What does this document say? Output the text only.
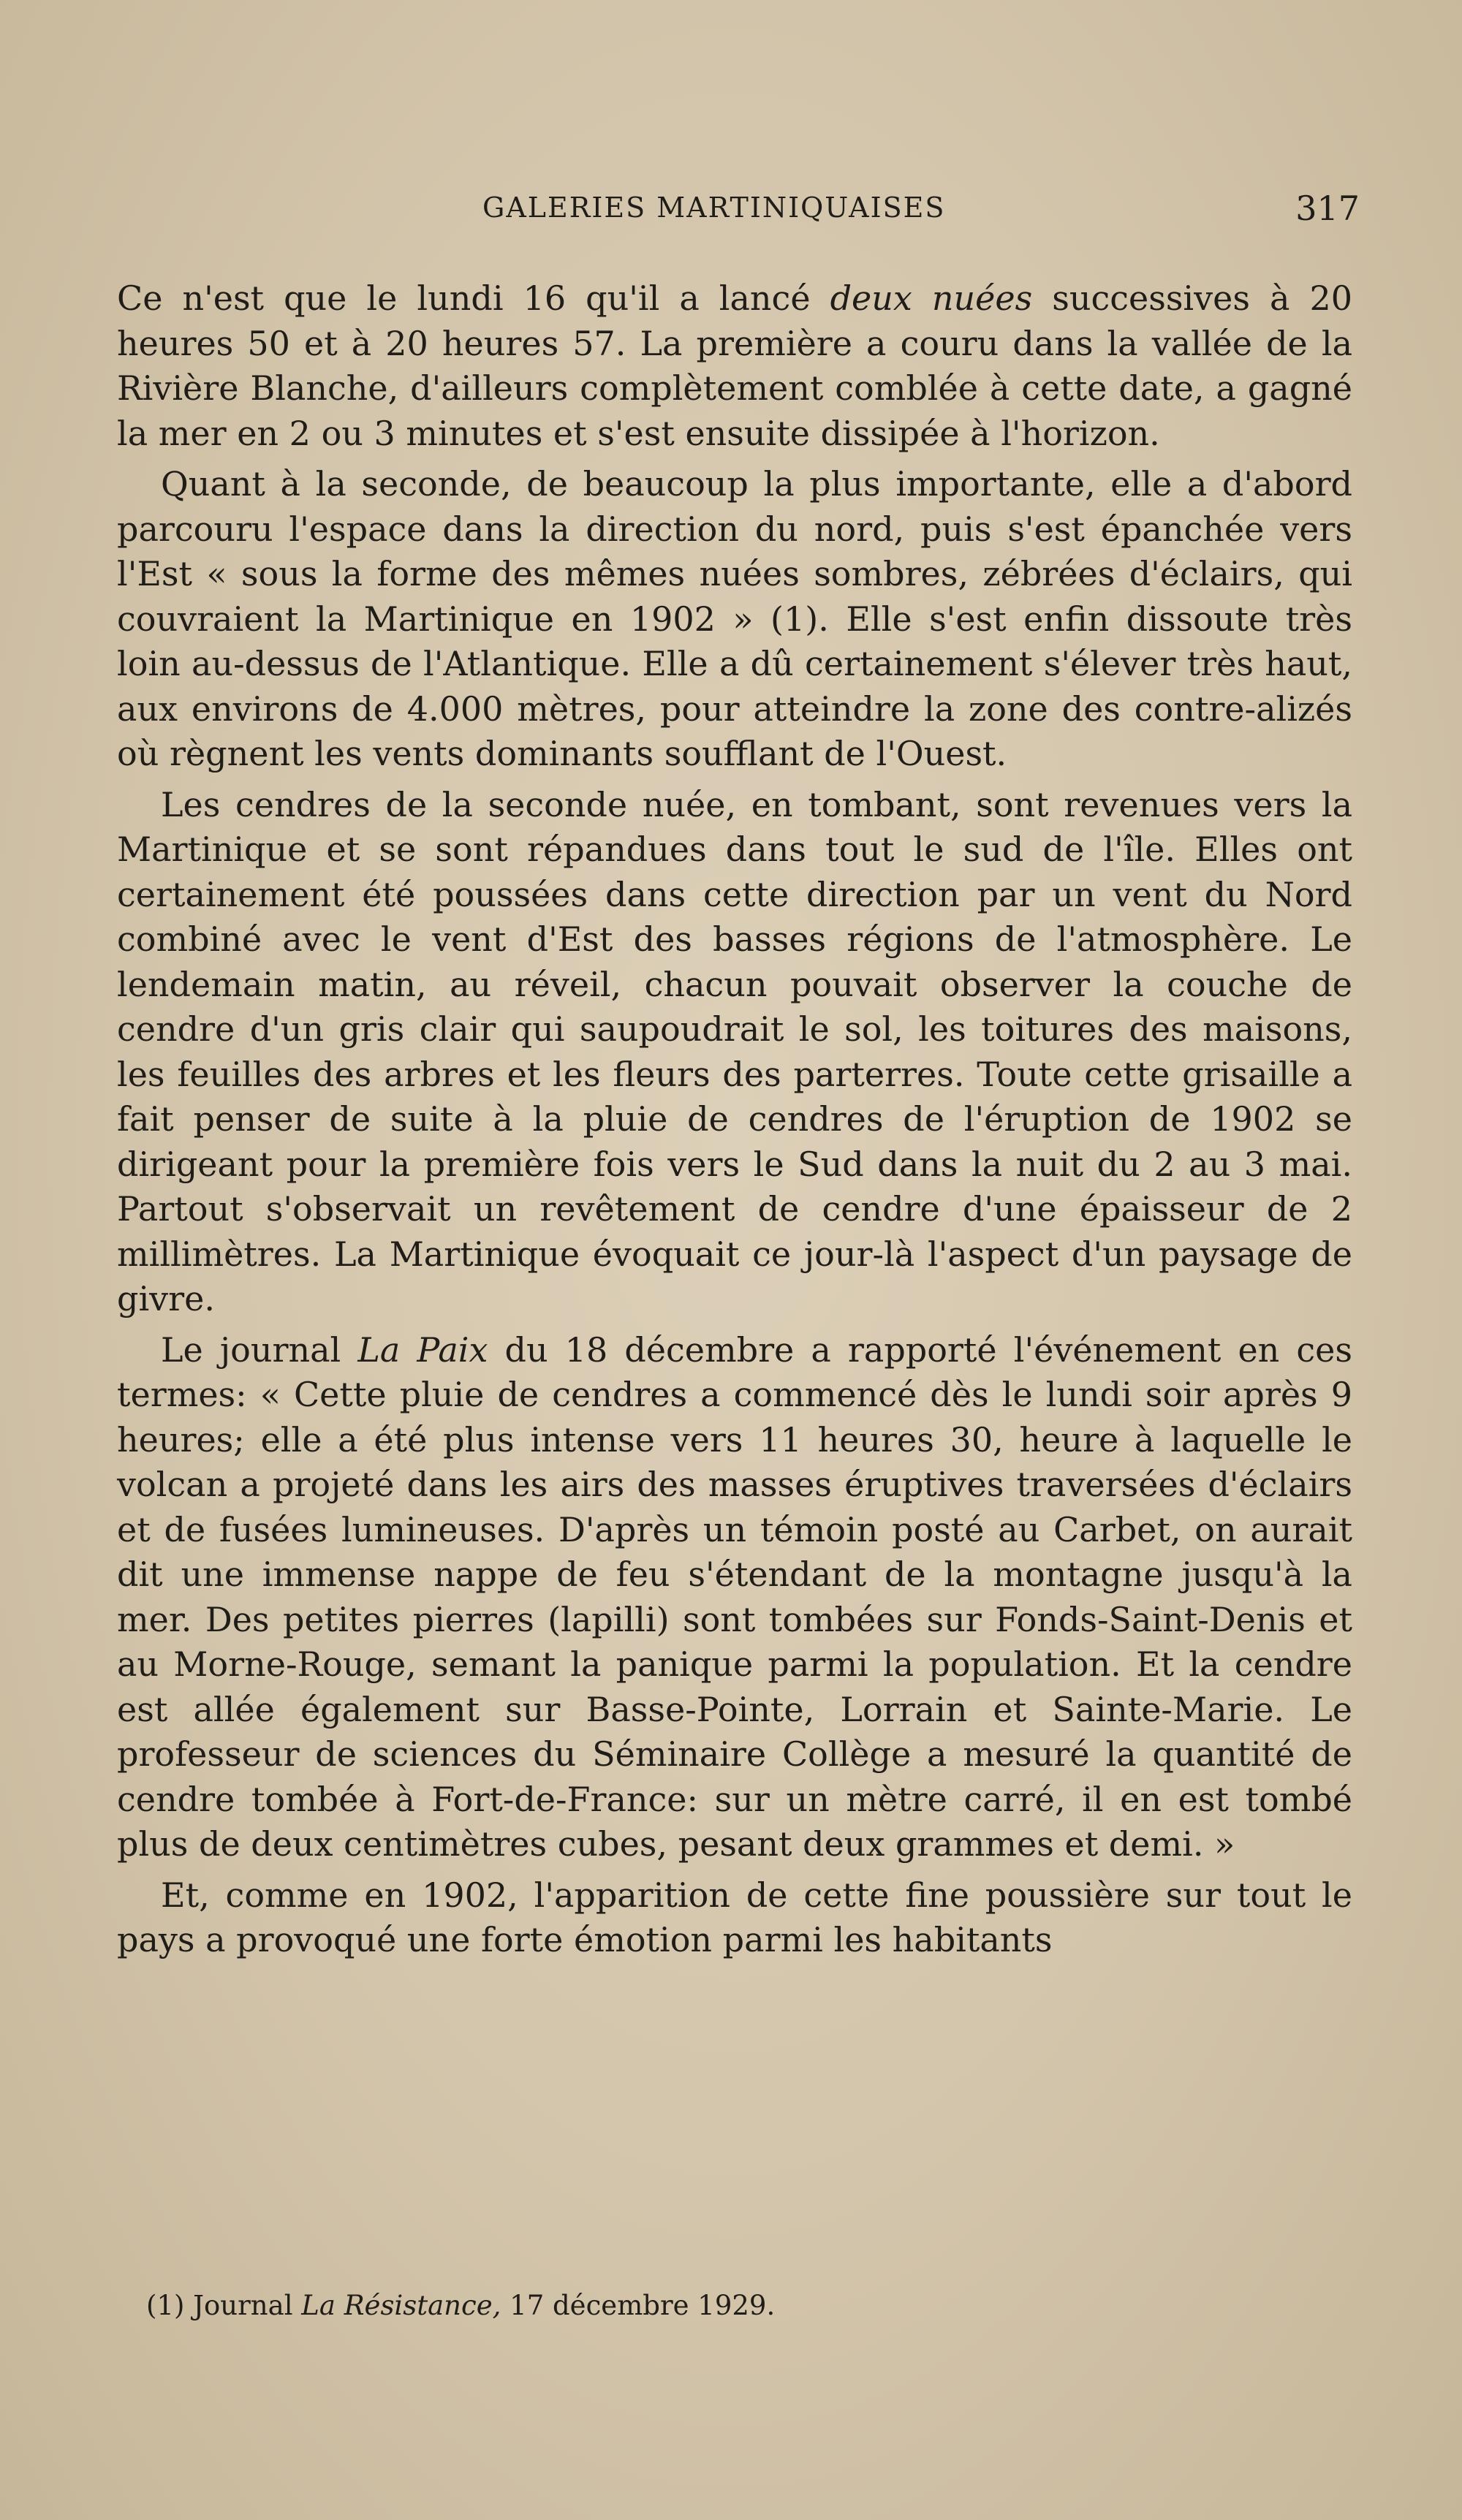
GALERIES MARTINIQUAISES	317

Ce n'est que le lundi 16 qu'il a lancé deux nuées successives à 20 heures 50 et à 20 heures 57. La première a couru dans la vallée de la Rivière Blanche, d'ailleurs complètement comblée à cette date, a gagné la mer en 2 ou 3 minutes et s'est ensuite dissipée à l'horizon.

Quant à la seconde, de beaucoup la plus importante, elle a d'abord parcouru l'espace dans la direction du nord, puis s'est épanchée vers l'Est « sous la forme des mêmes nuées sombres, zébrées d'éclairs, qui couvraient la Martinique en 1902 » (1). Elle s'est enfin dissoute très loin au-dessus de l'Atlantique. Elle a dû certainement s'élever très haut, aux environs de 4.000 mètres, pour atteindre la zone des contre-alizés où règnent les vents dominants soufflant de l'Ouest.

Les cendres de la seconde nuée, en tombant, sont revenues vers la Martinique et se sont répandues dans tout le sud de l'île. Elles ont certainement été poussées dans cette direction par un vent du Nord combiné avec le vent d'Est des basses régions de l'atmosphère. Le lendemain matin, au réveil, chacun pouvait observer la couche de cendre d'un gris clair qui saupoudrait le sol, les toitures des maisons, les feuilles des arbres et les fleurs des parterres. Toute cette grisaille a fait penser de suite à la pluie de cendres de l'éruption de 1902 se dirigeant pour la première fois vers le Sud dans la nuit du 2 au 3 mai. Partout s'observait un revêtement de cendre d'une épaisseur de 2 millimètres. La Martinique évoquait ce jour-là l'aspect d'un paysage de givre.

Le journal La Paix du 18 décembre a rapporté l'événement en ces termes: « Cette pluie de cendres a commencé dès le lundi soir après 9 heures; elle a été plus intense vers 11 heures 30, heure à laquelle le volcan a projeté dans les airs des masses éruptives traversées d'éclairs et de fusées lumineuses. D'après un témoin posté au Carbet, on aurait dit une immense nappe de feu s'étendant de la montagne jusqu'à la mer. Des petites pierres (lapilli) sont tombées sur Fonds-Saint-Denis et au Morne-Rouge, semant la panique parmi la population. Et la cendre est allée également sur Basse-Pointe, Lorrain et Sainte-Marie. Le professeur de sciences du Séminaire Collège a mesuré la quantité de cendre tombée à Fort-de-France: sur un mètre carré, il en est tombé plus de deux centimètres cubes, pesant deux grammes et demi. »

Et, comme en 1902, l'apparition de cette fine poussière sur tout le pays a provoqué une forte émotion parmi les habitants

(1) Journal La Résistance, 17 décembre 1929.
